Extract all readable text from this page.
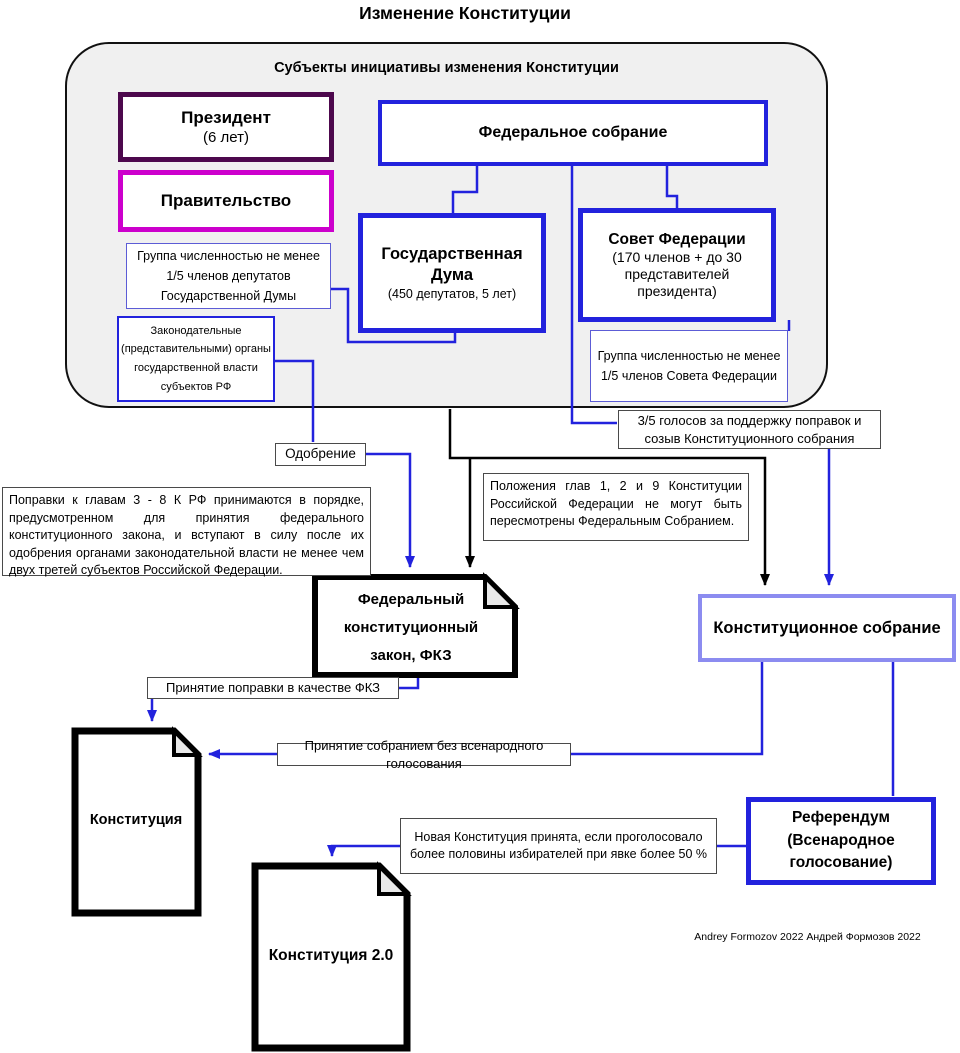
Изменение Конституции
Субъекты инициативы изменения Конституции
Президент
(6 лет)
Правительство
Федеральное собрание
Государственная Дума
(450 депутатов, 5 лет)
Совет Федерации
(170 членов + до 30 представителей президента)
Группа численностью не менее 1/5 членов депутатов Государственной Думы
Законодательные (представительными) органы государственной власти субъектов РФ
Группа численностью не менее 1/5 членов Совета Федерации
Одобрение
3/5 голосов за поддержку поправок и созыв Конституционного собрания
Принятие поправки в качестве ФКЗ
Принятие собранием без всенародного голосования
Новая Конституция принята, если проголосовало более половины избирателей при явке более 50 %
Поправки к главам 3 - 8 К РФ принимаются в порядке, предусмотренном для принятия федерального конституционного закона, и вступают в силу после их одобрения органами законодательной власти не менее чем двух третей субъектов Российской Федерации.
Положения глав 1, 2 и 9 Конституции Российской Федерации не могут быть пересмотрены Федеральным Собранием.
Федеральный конституционный закон, ФКЗ
Конституционное собрание
Референдум (Всенародное голосование)
Конституция
Конституция 2.0
Andrey Formozov 2022 Андрей Формозов 2022
